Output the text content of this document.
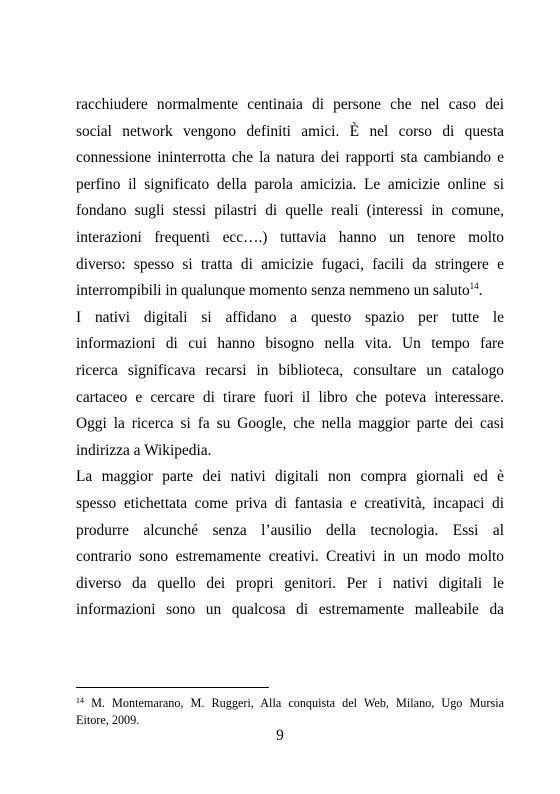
racchiudere normalmente centinaia di persone che nel caso dei
social network vengono definiti amici. È nel corso di questa
connessione ininterrotta che la natura dei rapporti sta cambiando e
perfino il significato della parola amicizia. Le amicizie online si
fondano sugli stessi pilastri di quelle reali (interessi in comune,
interazioni frequenti ecc….) tuttavia hanno un tenore molto
diverso: spesso si tratta di amicizie fugaci, facili da stringere e
interrompibili in qualunque momento senza nemmeno un saluto$^{14}$.
I nativi digitali si affidano a questo spazio per tutte le
informazioni di cui hanno bisogno nella vita. Un tempo fare
ricerca significava recarsi in biblioteca, consultare un catalogo
cartaceo e cercare di tirare fuori il libro che poteva interessare.
Oggi la ricerca si fa su Google, che nella maggior parte dei casi
indirizza a Wikipedia.
La maggior parte dei nativi digitali non compra giornali ed è
spesso etichettata come priva di fantasia e creatività, incapaci di
produrre alcunché senza l’ausilio della tecnologia. Essi al
contrario sono estremamente creativi. Creativi in un modo molto
diverso da quello dei propri genitori. Per i nativi digitali le
informazioni sono un qualcosa di estremamente malleabile da
$^{14}$ M. Montemarano, M. Ruggeri, Alla conquista del Web, Milano, Ugo Mursia
Eitore, 2009.
9
